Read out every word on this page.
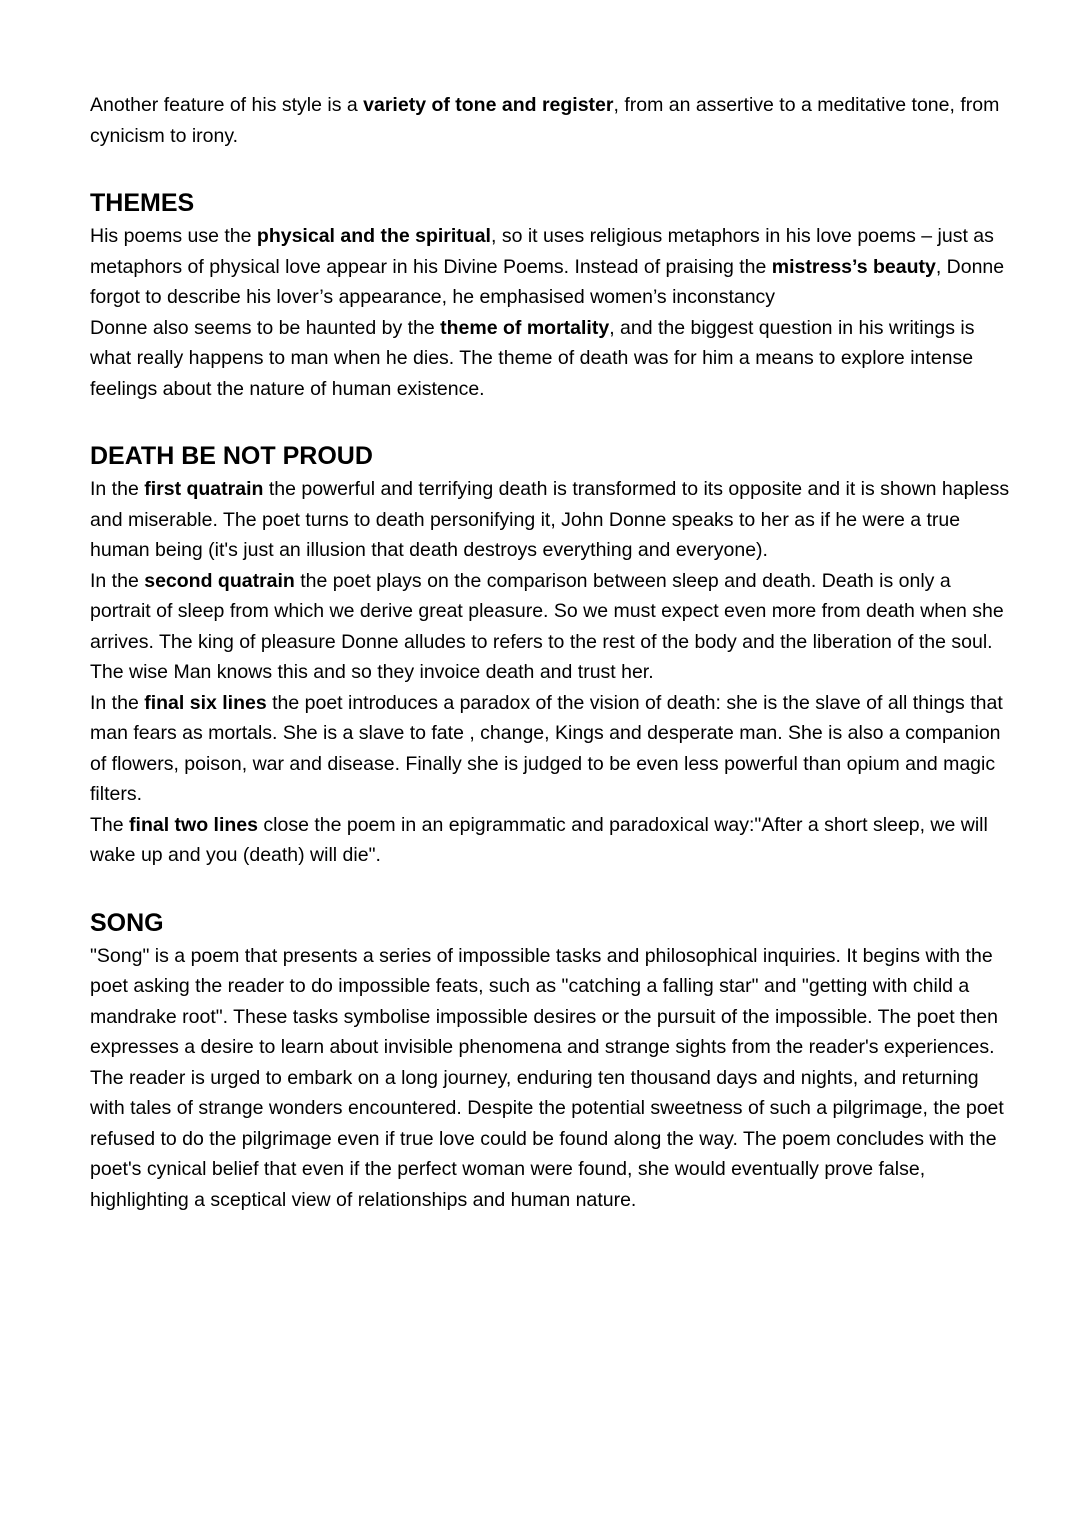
Another feature of his style is a variety of tone and register, from an assertive to a meditative tone, from cynicism to irony.

THEMES

His poems use the physical and the spiritual, so it uses religious metaphors in his love poems – just as metaphors of physical love appear in his Divine Poems. Instead of praising the mistress’s beauty, Donne forgot to describe his lover’s appearance, he emphasised women’s inconstancy

Donne also seems to be haunted by the theme of mortality, and the biggest question in his writings is what really happens to man when he dies. The theme of death was for him a means to explore intense feelings about the nature of human existence.

DEATH BE NOT PROUD

In the first quatrain the powerful and terrifying death is transformed to its opposite and it is shown hapless and miserable. The poet turns to death personifying it, John Donne speaks to her as if he were a true human being (it's just an illusion that death destroys everything and everyone).

In the second quatrain the poet plays on the comparison between sleep and death. Death is only a portrait of sleep from which we derive great pleasure. So we must expect even more from death when she arrives. The king of pleasure Donne alludes to refers to the rest of the body and the liberation of the soul. The wise Man knows this and so they invoice death and trust her.

In the final six lines the poet introduces a paradox of the vision of death: she is the slave of all things that man fears as mortals. She is a slave to fate , change, Kings and desperate man. She is also a companion of flowers, poison, war and disease. Finally she is judged to be even less powerful than opium and magic filters.

The final two lines close the poem in an epigrammatic and paradoxical way:"After a short sleep, we will wake up and you (death) will die".

SONG

"Song" is a poem that presents a series of impossible tasks and philosophical inquiries. It begins with the poet asking the reader to do impossible feats, such as "catching a falling star" and "getting with child a mandrake root". These tasks symbolise impossible desires or the pursuit of the impossible. The poet then expresses a desire to learn about invisible phenomena and strange sights from the reader's experiences. The reader is urged to embark on a long journey, enduring ten thousand days and nights, and returning with tales of strange wonders encountered. Despite the potential sweetness of such a pilgrimage, the poet refused to do the pilgrimage even if true love could be found along the way. The poem concludes with the poet's cynical belief that even if the perfect woman were found, she would eventually prove false, highlighting a sceptical view of relationships and human nature.
